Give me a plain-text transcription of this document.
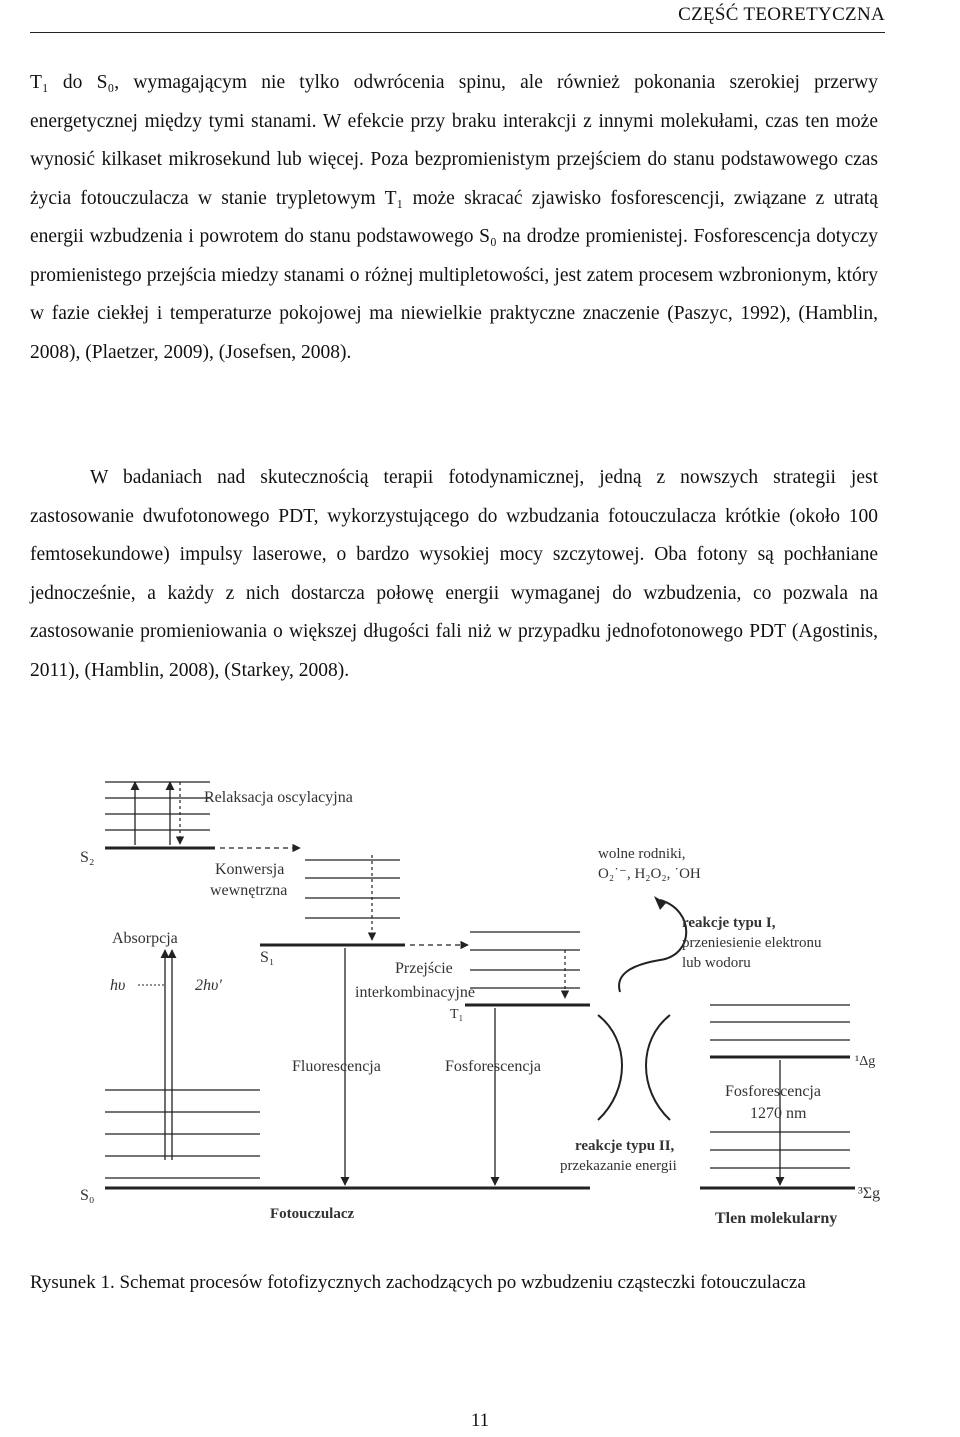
CZĘŚĆ TEORETYCZNA
T₁ do S₀, wymagającym nie tylko odwrócenia spinu, ale również pokonania szerokiej przerwy energetycznej między tymi stanami. W efekcie przy braku interakcji z innymi molekułami, czas ten może wynosić kilkaset mikrosekund lub więcej. Poza bezpromienistym przejściem do stanu podstawowego czas życia fotouczulacza w stanie trypletowym T₁ może skracać zjawisko fosforescencji, związane z utratą energii wzbudzenia i powrotem do stanu podstawowego S₀ na drodze promienistej. Fosforescencja dotyczy promienistego przejścia miedzy stanami o różnej multipletowości, jest zatem procesem wzbronionym, który w fazie ciekłej i temperaturze pokojowej ma niewielkie praktyczne znaczenie (Paszyc, 1992), (Hamblin, 2008), (Plaetzer, 2009), (Josefsen, 2008).
W badaniach nad skutecznością terapii fotodynamicznej, jedną z nowszych strategii jest zastosowanie dwufotonowego PDT, wykorzystującego do wzbudzania fotouczulacza krótkie (około 100 femtosekundowe) impulsy laserowe, o bardzo wysokiej mocy szczytowej. Oba fotony są pochłaniane jednocześnie, a każdy z nich dostarcza połowę energii wymaganej do wzbudzenia, co pozwala na zastosowanie promieniowania o większej długości fali niż w przypadku jednofotonowego PDT (Agostinis, 2011), (Hamblin, 2008), (Starkey, 2008).
Relaksacja oscylacyjna
S₂
Konwersja
wewnętrzna
S₁
Absorpcja
hυ	2hυ'
S₀
Fotouczulacz
Przejście
interkombinacyjne
T₁
Fluorescencja	Fosforescencja
wolne rodniki,
O₂˙⁻, H₂O₂, ˙OH
reakcje typu I,
przeniesienie elektronu
lub wodoru
reakcje typu II,
przekazanie energii
¹Δg
Fosforescencja
1270 nm
³Σg
Tlen molekularny
Rysunek 1. Schemat procesów fotofizycznych zachodzących po wzbudzeniu cząsteczki fotouczulacza
11
